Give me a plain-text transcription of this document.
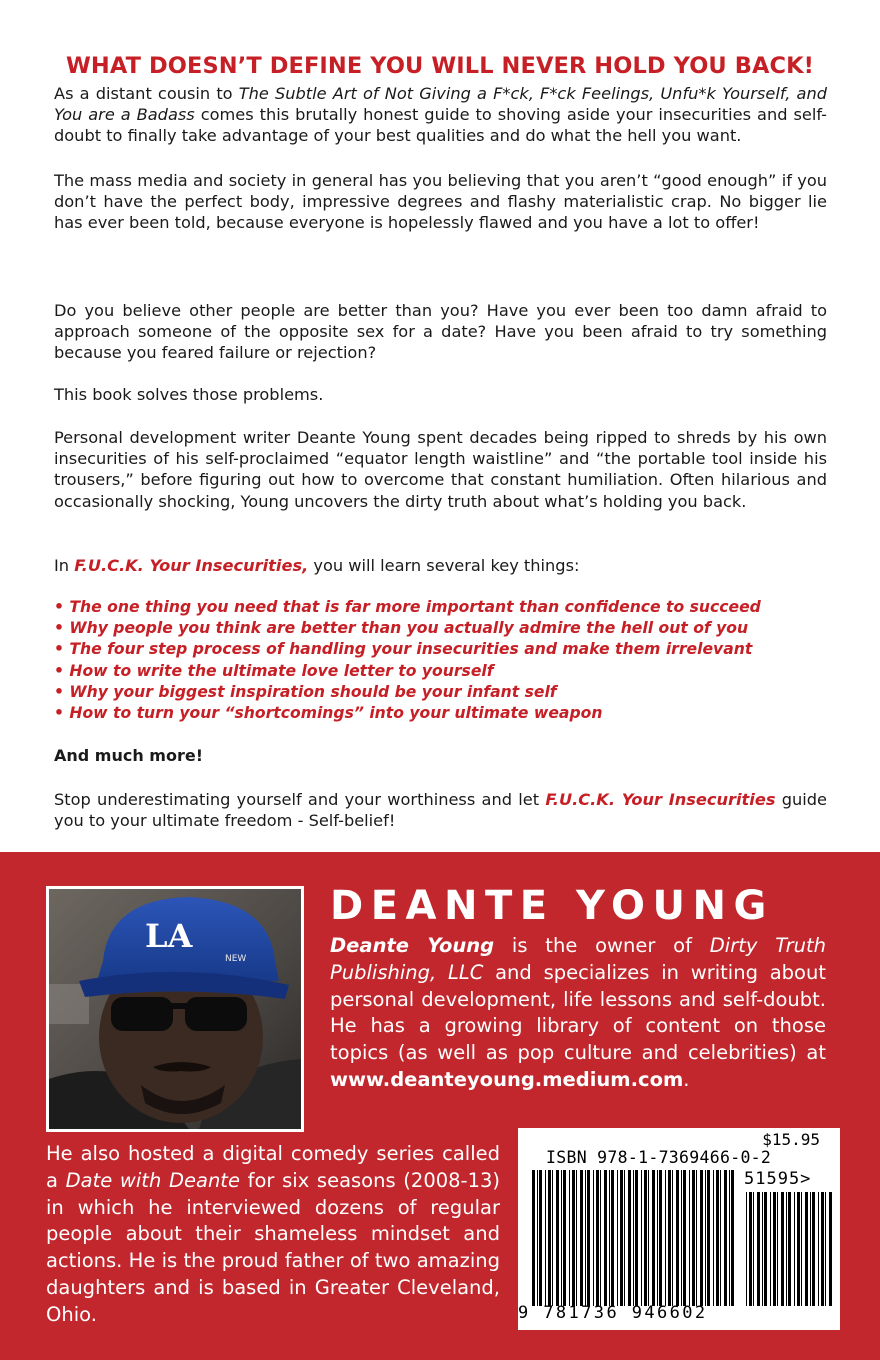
WHAT DOESN’T DEFINE YOU WILL NEVER HOLD YOU BACK!

As a distant cousin to The Subtle Art of Not Giving a F*ck, F*ck Feelings, Unfu*k Yourself, and You are a Badass comes this brutally honest guide to shoving aside your insecurities and self-doubt to finally take advantage of your best qualities and do what the hell you want.

The mass media and society in general has you believing that you aren’t “good enough” if you don’t have the perfect body, impressive degrees and flashy materialistic crap. No bigger lie has ever been told, because everyone is hopelessly flawed and you have a lot to offer!

Do you believe other people are better than you? Have you ever been too damn afraid to approach someone of the opposite sex for a date? Have you been afraid to try something because you feared failure or rejection?

This book solves those problems.

Personal development writer Deante Young spent decades being ripped to shreds by his own insecurities of his self-proclaimed “equator length waistline” and “the portable tool inside his trousers,” before figuring out how to overcome that constant humiliation. Often hilarious and occasionally shocking, Young uncovers the dirty truth about what’s holding you back.

In F.U.C.K. Your Insecurities, you will learn several key things:

• The one thing you need that is far more important than confidence to succeed
• Why people you think are better than you actually admire the hell out of you
• The four step process of handling your insecurities and make them irrelevant
• How to write the ultimate love letter to yourself
• Why your biggest inspiration should be your infant self
• How to turn your “shortcomings” into your ultimate weapon

And much more!

Stop underestimating yourself and your worthiness and let F.U.C.K. Your Insecurities guide you to your ultimate freedom - Self-belief!

LA
NEW
DEANTE YOUNG

Deante Young is the owner of Dirty Truth Publishing, LLC and specializes in writing about personal development, life lessons and self-doubt. He has a growing library of content on those topics (as well as pop culture and celebrities) at www.deanteyoung.medium.com.

He also hosted a digital comedy series called a Date with Deante for six seasons (2008-13) in which he interviewed dozens of regular people about their shameless mindset and actions. He is the proud father of two amazing daughters and is based in Greater Cleveland, Ohio.

$15.95

ISBN 978-1-7369466-0-2

51595>

9 781736 946602
